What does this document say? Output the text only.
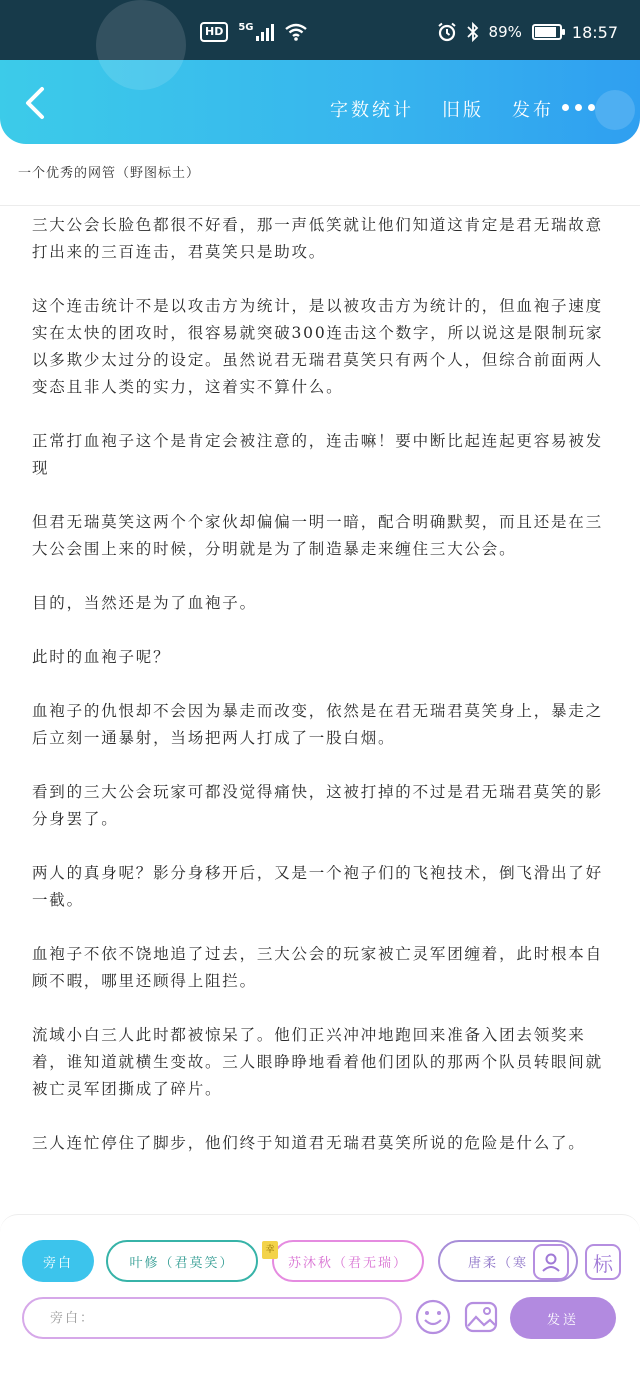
HD	5G	89%	18:57
字数统计 旧版 发布
一个优秀的网管（野图标土）

三大公会长脸色都很不好看，那一声低笑就让他们知道这肯定是君无瑞故意打出来的三百连击，君莫笑只是助攻。

这个连击统计不是以攻击方为统计，是以被攻击方为统计的，但血袍子速度实在太快的团攻时，很容易就突破300连击这个数字，所以说这是限制玩家以多欺少太过分的设定。虽然说君无瑞君莫笑只有两个人，但综合前面两人变态且非人类的实力，这着实不算什么。

正常打血袍子这个是肯定会被注意的，连击嘛！要中断比起连起更容易被发现

但君无瑞莫笑这两个个家伙却偏偏一明一暗，配合明确默契，而且还是在三大公会围上来的时候，分明就是为了制造暴走来缠住三大公会。

目的，当然还是为了血袍子。

此时的血袍子呢？

血袍子的仇恨却不会因为暴走而改变，依然是在君无瑞君莫笑身上，暴走之后立刻一通暴射，当场把两人打成了一股白烟。

看到的三大公会玩家可都没觉得痛快，这被打掉的不过是君无瑞君莫笑的影分身罢了。

两人的真身呢？影分身移开后，又是一个袍子们的飞袍技术，倒飞滑出了好一截。

血袍子不依不饶地追了过去，三大公会的玩家被亡灵军团缠着，此时根本自顾不暇，哪里还顾得上阻拦。

流域小白三人此时都被惊呆了。他们正兴冲冲地跑回来准备入团去领奖来着，谁知道就横生变故。三人眼睁睁地看着他们团队的那两个队员转眼间就被亡灵军团撕成了碎片。

三人连忙停住了脚步，他们终于知道君无瑞君莫笑所说的危险是什么了。

旁白	叶修（君莫笑）	苏沐秋（君无瑞）	唐柔（寒
幸
标
旁白：
发送
